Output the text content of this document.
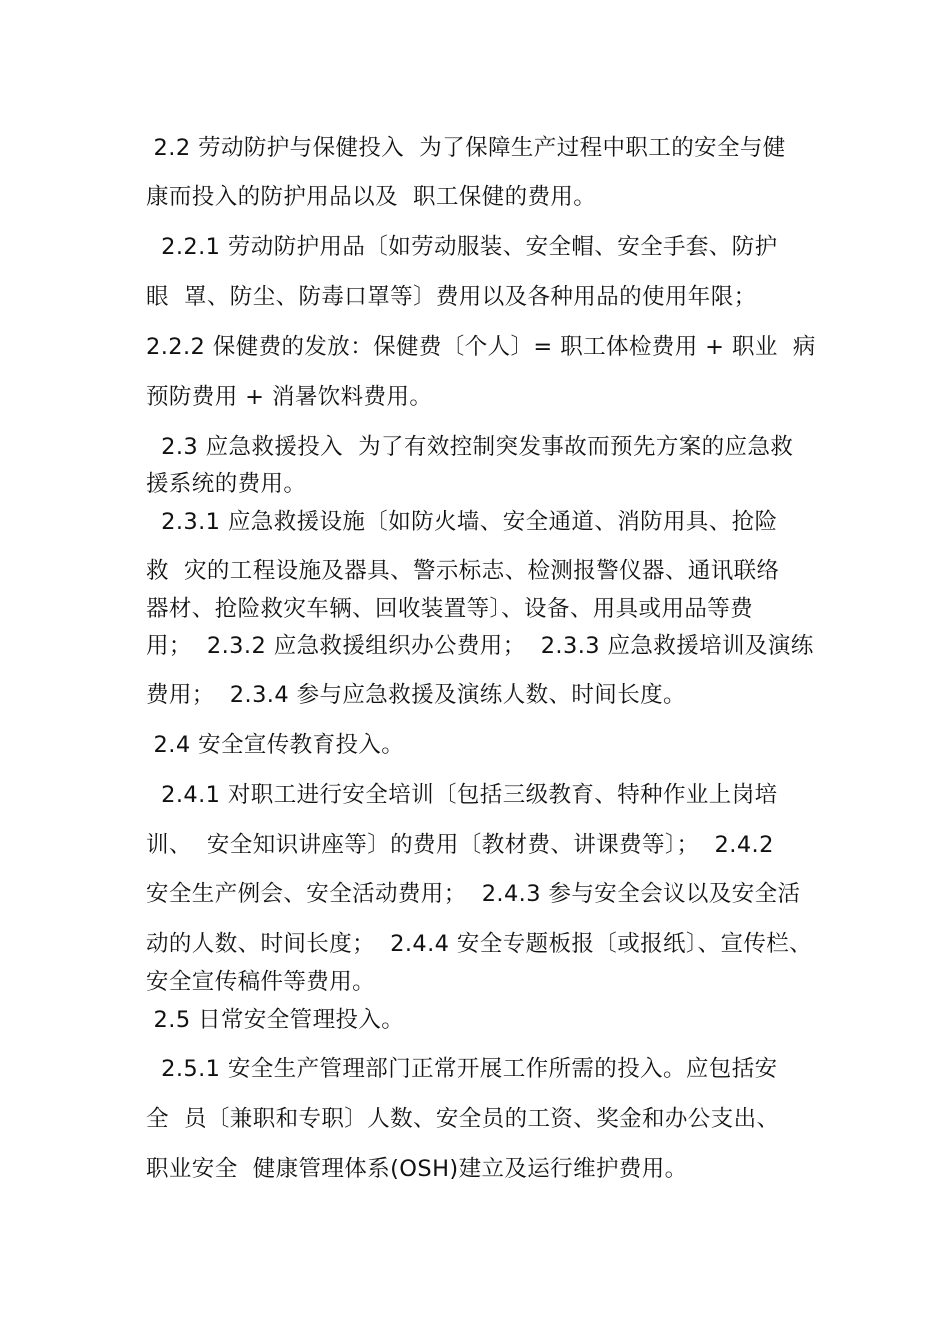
2.2 劳动防护与保健投入  为了保障生产过程中职工的安全与健
康而投入的防护用品以及  职工保健的费用。
2.2.1 劳动防护用品〔如劳动服装、安全帽、安全手套、防护
眼  罩、防尘、防毒口罩等〕费用以及各种用品的使用年限；
2.2.2 保健费的发放：保健费〔个人〕= 职工体检费用 + 职业  病
预防费用 + 消暑饮料费用。
2.3 应急救援投入  为了有效控制突发事故而预先方案的应急救
援系统的费用。
2.3.1 应急救援设施〔如防火墙、安全通道、消防用具、抢险
救  灾的工程设施及器具、警示标志、检测报警仪器、通讯联络
器材、抢险救灾车辆、回收装置等〕、设备、用具或用品等费
用；  2.3.2 应急救援组织办公费用；  2.3.3 应急救援培训及演练
费用；  2.3.4 参与应急救援及演练人数、时间长度。
2.4 安全宣传教育投入。
2.4.1 对职工进行安全培训〔包括三级教育、特种作业上岗培
训、  安全知识讲座等〕的费用〔教材费、讲课费等〕；  2.4.2
安全生产例会、安全活动费用；  2.4.3 参与安全会议以及安全活
动的人数、时间长度；  2.4.4 安全专题板报〔或报纸〕、宣传栏、
安全宣传稿件等费用。
2.5 日常安全管理投入。
2.5.1 安全生产管理部门正常开展工作所需的投入。应包括安
全  员〔兼职和专职〕人数、安全员的工资、奖金和办公支出、
职业安全  健康管理体系(OSH)建立及运行维护费用。
